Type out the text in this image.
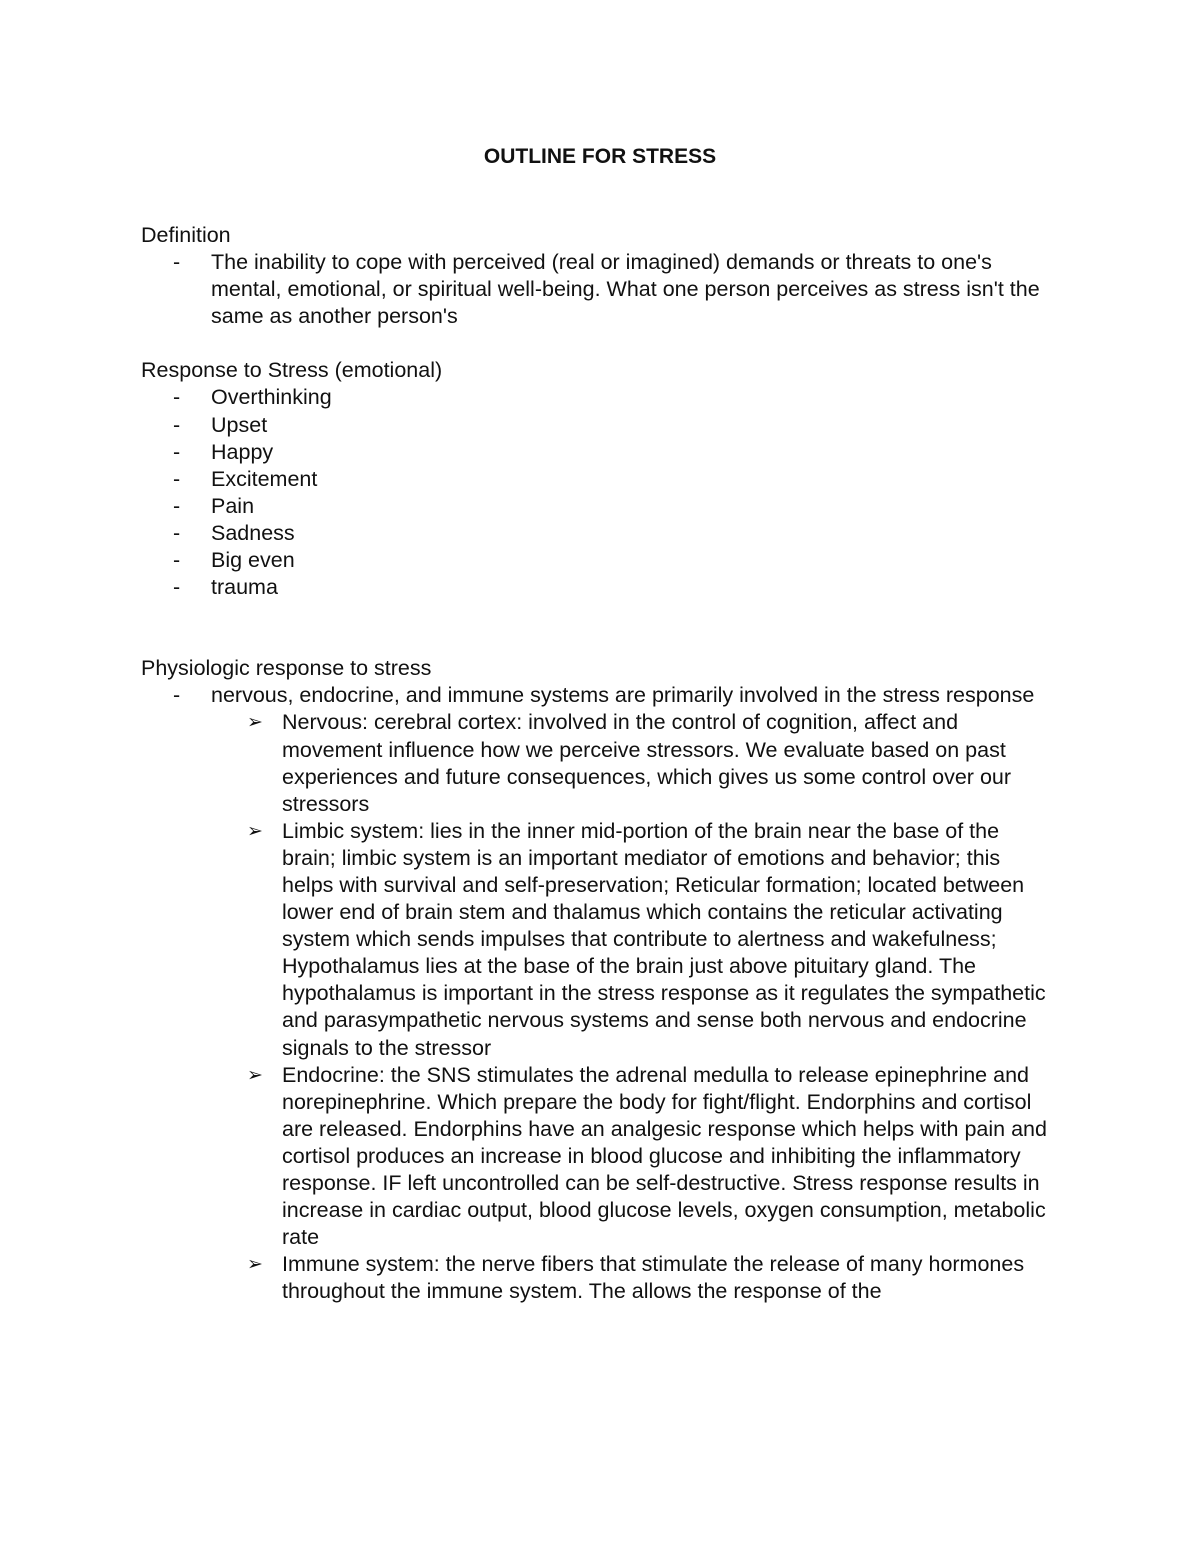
OUTLINE FOR STRESS
Definition
- The inability to cope with perceived (real or imagined) demands or threats to one's mental, emotional, or spiritual well-being. What one person perceives as stress isn't the same as another person's
Response to Stress (emotional)
- Overthinking
- Upset
- Happy
- Excitement
- Pain
- Sadness
- Big even
- trauma
Physiologic response to stress
- nervous, endocrine, and immune systems are primarily involved in the stress response
➢ Nervous: cerebral cortex: involved in the control of cognition, affect and movement influence how we perceive stressors. We evaluate based on past experiences and future consequences, which gives us some control over our stressors
➢ Limbic system: lies in the inner mid-portion of the brain near the base of the brain; limbic system is an important mediator of emotions and behavior; this helps with survival and self-preservation; Reticular formation; located between lower end of brain stem and thalamus which contains the reticular activating system which sends impulses that contribute to alertness and wakefulness; Hypothalamus lies at the base of the brain just above pituitary gland. The hypothalamus is important in the stress response as it regulates the sympathetic and parasympathetic nervous systems and sense both nervous and endocrine signals to the stressor
➢ Endocrine: the SNS stimulates the adrenal medulla to release epinephrine and norepinephrine. Which prepare the body for fight/flight. Endorphins and cortisol are released. Endorphins have an analgesic response which helps with pain and cortisol produces an increase in blood glucose and inhibiting the inflammatory response. IF left uncontrolled can be self-destructive. Stress response results in increase in cardiac output, blood glucose levels, oxygen consumption, metabolic rate
➢ Immune system: the nerve fibers that stimulate the release of many hormones throughout the immune system. The allows the response of the
